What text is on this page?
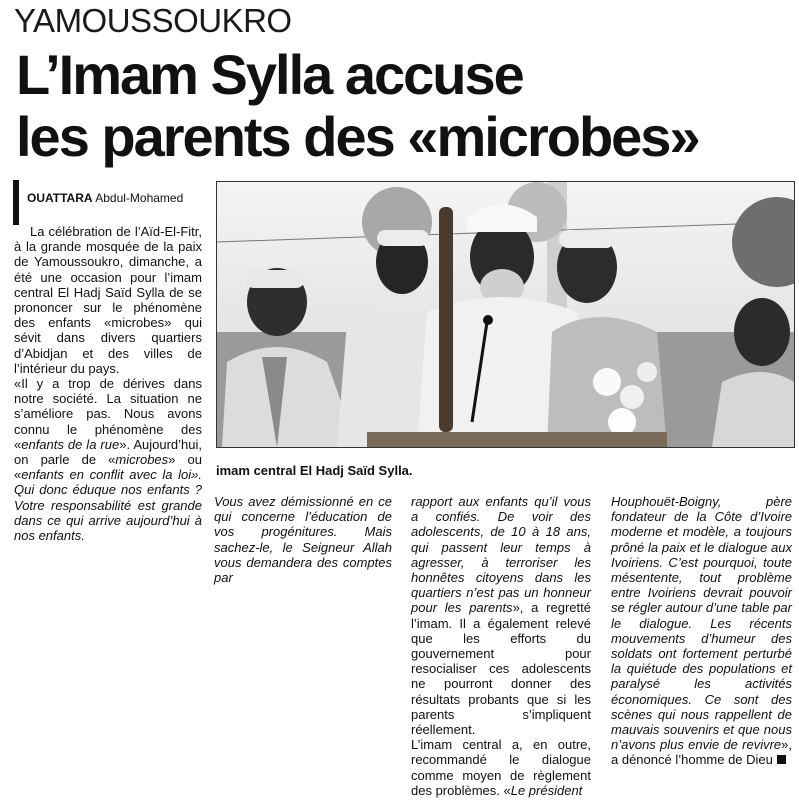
YAMOUSSOUKRO
L’Imam Sylla accuse
les parents des «microbes»
OUATTARA Abdul-Mohamed

La célébration de l’Aïd-El-Fitr, à la grande mosquée de la paix de Yamoussoukro, dimanche, a été une occasion pour l’imam central El Hadj Saïd Sylla de se prononcer sur le phénomène des enfants «microbes» qui sévit dans divers quartiers d’Abidjan et des villes de l’intérieur du pays.

«Il y a trop de dérives dans notre société. La situation ne s’améliore pas. Nous avons connu le phénomène des «enfants de la rue». Aujourd’hui, on parle de «microbes» ou «enfants en conflit avec la loi». Qui donc éduque nos enfants ? Votre responsabilité est grande dans ce qui arrive aujourd’hui à nos enfants.

imam central El Hadj Saïd Sylla.

Vous avez démissionné en ce qui concerne l’éducation de vos progénitures. Mais sachez-le, le Seigneur Allah vous demandera des comptes par

rapport aux enfants qu’il vous a confiés. De voir des adolescents, de 10 à 18 ans, qui passent leur temps à agresser, à terroriser les honnêtes citoyens dans les quartiers n’est pas un honneur pour les parents», a regretté l’imam. Il a également relevé que les efforts du gouvernement pour resocialiser ces adolescents ne pourront donner des résultats probants que si les parents s’impliquent réellement.

L’imam central a, en outre, recommandé le dialogue comme moyen de règlement des problèmes. «Le président

Houphouët-Boigny, père fondateur de la Côte d’Ivoire moderne et modèle, a toujours prôné la paix et le dialogue aux Ivoiriens. C’est pourquoi, toute mésentente, tout problème entre Ivoiriens devrait pouvoir se régler autour d’une table par le dialogue. Les récents mouvements d’humeur des soldats ont fortement perturbé la quiétude des populations et paralysé les activités économiques. Ce sont des scènes qui nous rappellent de mauvais souvenirs et que nous n’avons plus envie de revivre», a dénoncé l’homme de Dieu
